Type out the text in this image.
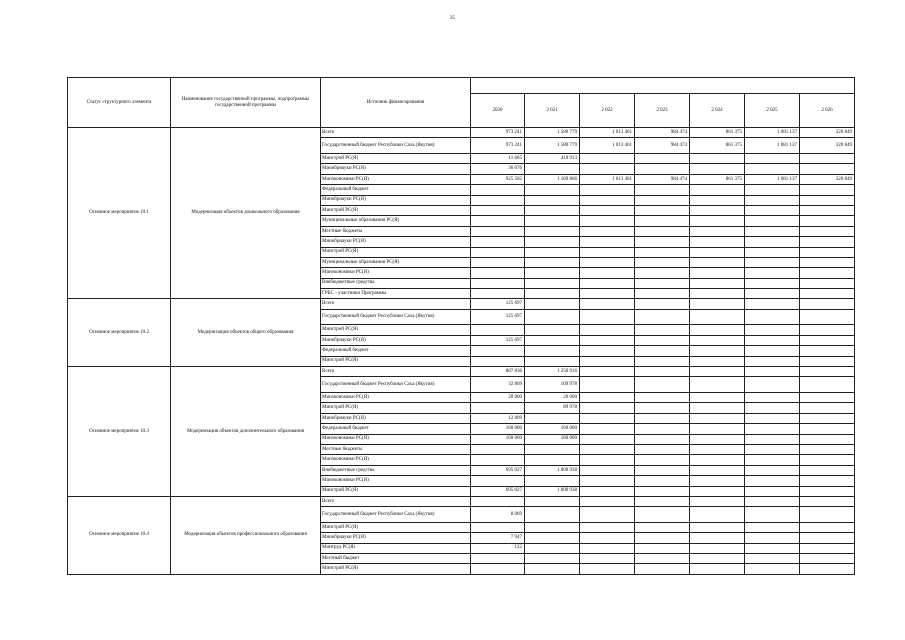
35
Статус структурного элемента	Наименование государственной программы, подпрограммы государственной программы	Источник финансирования							
			2020	2 021	2 022	2 023	2 024	2 025	2 026
Основное мероприятие 10.1	Модернизация объектов дошкольного образования	Всего	973 241	1 580 779	1 013 461	984 474	861 375	1 081 137	320 849
		Государственный бюджет Республики Саха (Якутия)	973 241	1 580 779	1 013 461	984 474	861 375	1 081 137	320 849
		Минстрой РС(Я)	11 665	410 913					
		Минобрнауки РС(Я)	36 076						
		Минэкономики РС(Я)	925 502	1 169 866	1 013 461	984 474	861 375	1 081 137	320 849
		Федеральный бюджет							
		Минобрнауки РС(Я)							
		Минстрой РС(Я)							
		Муниципальные образования РС(Я)							
		Местные бюджеты							
		Минобрнауки РС(Я)							
		Минстрой РС(Я)							
		Муниципальные образования РС(Я)							
		Минэкономики РС(Я)							
		Внебюджетные средства							
		ГРБС - участники Программы							
Основное мероприятие 10.2	Модернизация объектов общего образования	Всего	125 697						
		Государственный бюджет Республики Саха (Якутия)	125 697						
		Минстрой РС(Я)							
		Минобрнауки РС(Я)	125 697						
		Федеральный бюджет							
		Минстрой РС(Я)							
Основное мероприятие 10.3	Модернизация объектов дополнительного образования	Всего	887 836	1 250 916					
		Государственный бюджет Республики Саха (Якутия)	32 809	109 978					
		Минэкономики РС(Я)	20 000	20 000					
		Минстрой РС(Я)		89 978					
		Минобрнауки РС(Я)	12 809						
		Федеральный бюджет	160 000	160 000					
		Минэкономики РС(Я)	160 000	160 000					
		Местные бюджеты							
		Минэкономики РС(Я)							
		Внебюджетные средства	695 027	1 000 938					
		Минэкономики РС(Я)							
		Минстрой РС(Я)	695 027	1 000 938					
Основное мероприятие 10.4	Модернизация объектов профессионального образования	Всего							
		Государственный бюджет Республики Саха (Якутия)	8 069						
		Минстрой РС(Я)							
		Минобрнауки РС(Я)	7 947						
		Минтруд РС(Я)	122						
		Местный бюджет							
		Минстрой РС(Я)							
